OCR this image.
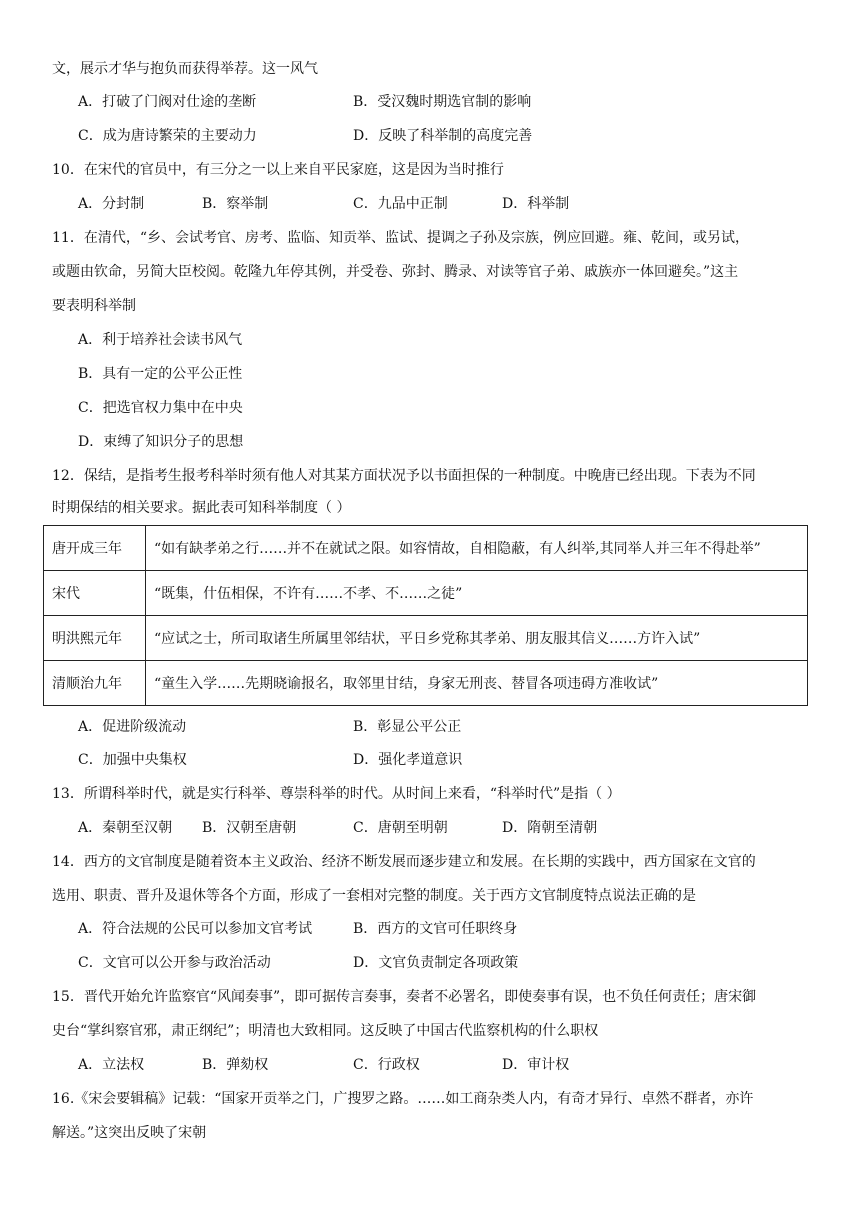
文，展示才华与抱负而获得举荐。这一风气
A．打破了门阀对仕途的垄断	B．受汉魏时期选官制的影响
C．成为唐诗繁荣的主要动力	D．反映了科举制的高度完善
10．在宋代的官员中，有三分之一以上来自平民家庭，这是因为当时推行
A．分封制	B．察举制	C．九品中正制	D．科举制
11．在清代，“乡、会试考官、房考、监临、知贡举、监试、提调之子孙及宗族，例应回避。雍、乾间，或另试，
或题由钦命，另简大臣校阅。乾隆九年停其例，并受卷、弥封、腾录、对读等官子弟、戚族亦一体回避矣。”这主
要表明科举制
A．利于培养社会读书风气
B．具有一定的公平公正性
C．把选官权力集中在中央
D．束缚了知识分子的思想
12．保结，是指考生报考科举时须有他人对其某方面状况予以书面担保的一种制度。中晚唐已经出现。下表为不同
时期保结的相关要求。据此表可知科举制度（ ）
唐开成三年	“如有缺孝弟之行……并不在就试之限。如容情故，自相隐蔽，有人纠举,其同举人并三年不得赴举”
宋代	“既集，什伍相保，不许有……不孝、不……之徒”
明洪熙元年	“应试之士，所司取诸生所属里邻结状，平日乡党称其孝弟、朋友服其信义……方许入试”
清顺治九年	“童生入学……先期晓谕报名，取邻里甘结，身家无刑丧、替冒各项违碍方准收试”
A．促进阶级流动	B．彰显公平公正
C．加强中央集权	D．强化孝道意识
13．所谓科举时代，就是实行科举、尊崇科举的时代。从时间上来看，“科举时代”是指（ ）
A．秦朝至汉朝 B．汉朝至唐朝	C．唐朝至明朝	D．隋朝至清朝
14．西方的文官制度是随着资本主义政治、经济不断发展而逐步建立和发展。在长期的实践中，西方国家在文官的
选用、职责、晋升及退休等各个方面，形成了一套相对完整的制度。关于西方文官制度特点说法正确的是
A．符合法规的公民可以参加文官考试	B．西方的文官可任职终身
C．文官可以公开参与政治活动	D．文官负责制定各项政策
15．晋代开始允许监察官“风闻奏事”，即可据传言奏事，奏者不必署名，即使奏事有误，也不负任何责任；唐宋御
史台“掌纠察官邪，肃正纲纪”；明清也大致相同。这反映了中国古代监察机构的什么职权
A．立法权	B．弹劾权	C．行政权	D．审计权
16.《宋会要辑稿》记载：“国家开贡举之门，广搜罗之路。……如工商杂类人内，有奇才异行、卓然不群者，亦许
解送。”这突出反映了宋朝
